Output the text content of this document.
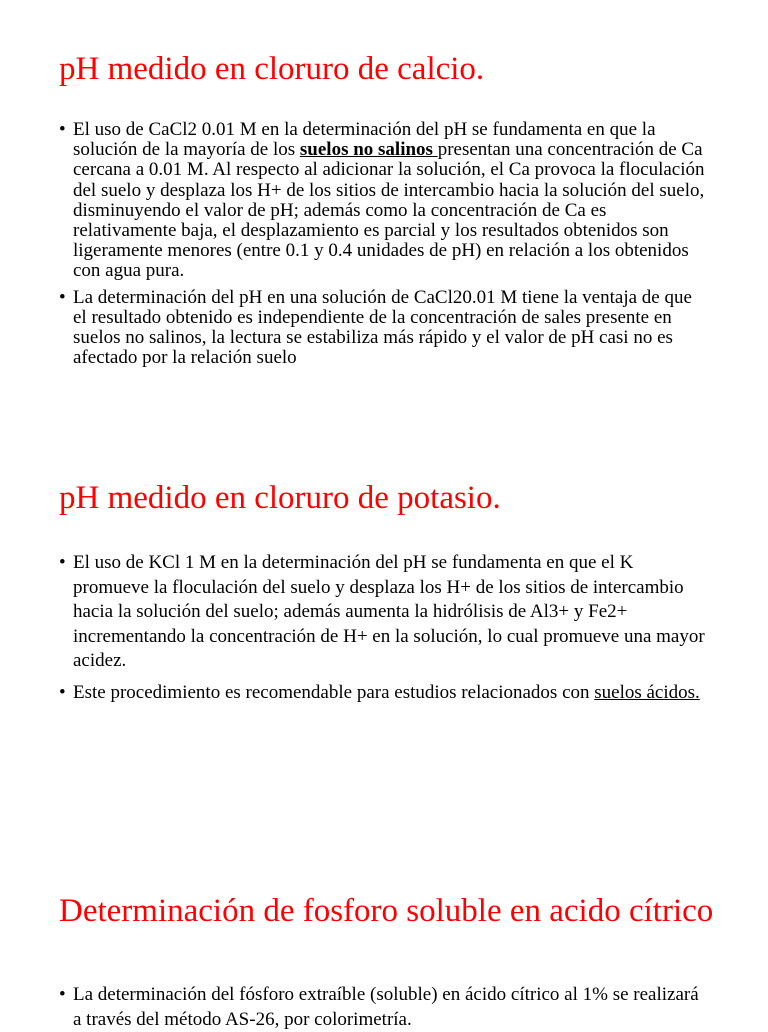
pH medido en cloruro de calcio.
• El uso de CaCl2 0.01 M en la determinación del pH se fundamenta en que la solución de la mayoría de los suelos no salinos presentan una concentración de Ca cercana a 0.01 M. Al respecto al adicionar la solución, el Ca provoca la floculación del suelo y desplaza los H+ de los sitios de intercambio hacia la solución del suelo, disminuyendo el valor de pH; además como la concentración de Ca es relativamente baja, el desplazamiento es parcial y los resultados obtenidos son ligeramente menores (entre 0.1 y 0.4 unidades de pH) en relación a los obtenidos con agua pura.
• La determinación del pH en una solución de CaCl20.01 M tiene la ventaja de que el resultado obtenido es independiente de la concentración de sales presente en suelos no salinos, la lectura se estabiliza más rápido y el valor de pH casi no es afectado por la relación suelo
pH medido en cloruro de potasio.
• El uso de KCl 1 M en la determinación del pH se fundamenta en que el K promueve la floculación del suelo y desplaza los H+ de los sitios de intercambio hacia la solución del suelo; además aumenta la hidrólisis de Al3+ y Fe2+ incrementando la concentración de H+ en la solución, lo cual promueve una mayor acidez.
• Este procedimiento es recomendable para estudios relacionados con suelos ácidos.
Determinación de fosforo soluble en acido cítrico
• La determinación del fósforo extraíble (soluble) en ácido cítrico al 1% se realizará a través del método AS-26, por colorimetría.
